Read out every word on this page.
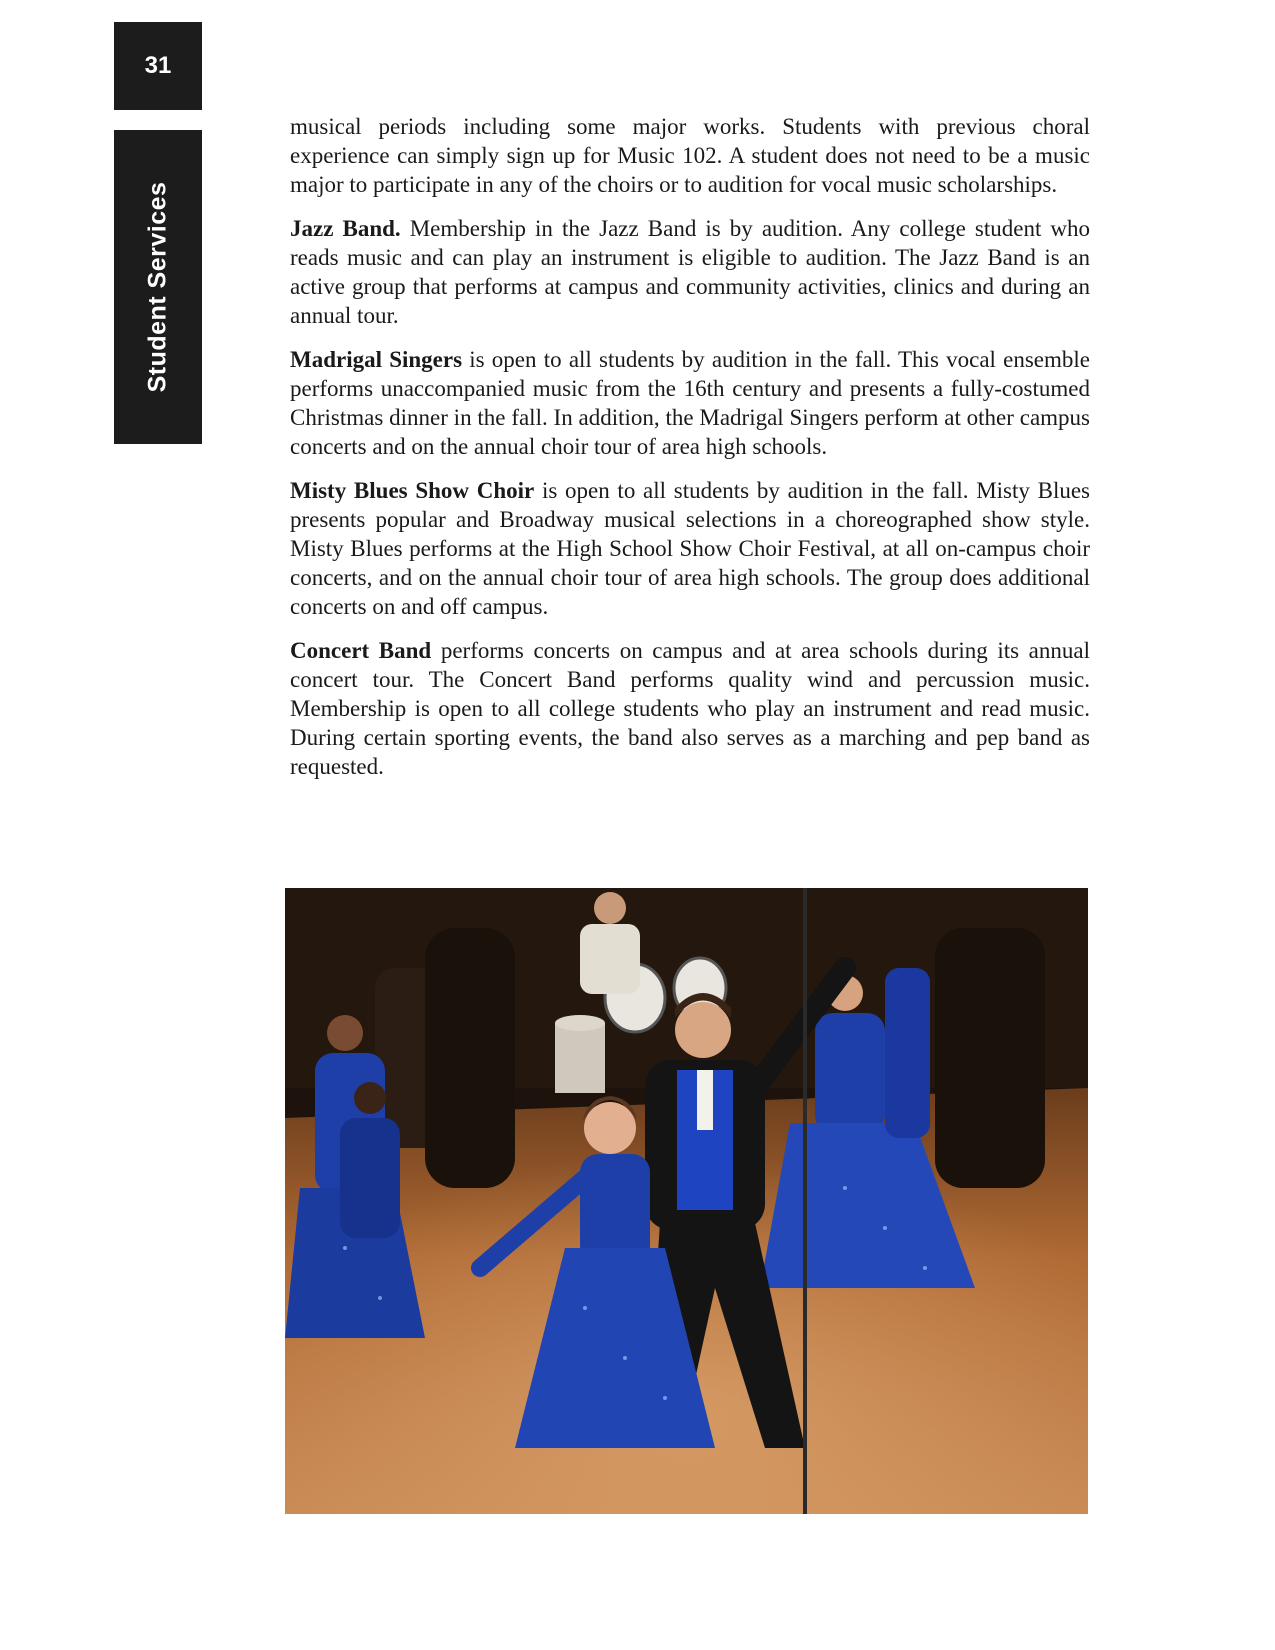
31
Student Services

musical periods including some major works. Students with previous choral experience can simply sign up for Music 102. A student does not need to be a music major to participate in any of the choirs or to audition for vocal music scholarships.

Jazz Band. Membership in the Jazz Band is by audition. Any college student who reads music and can play an instrument is eligible to audition. The Jazz Band is an active group that performs at campus and community activities, clinics and during an annual tour.

Madrigal Singers is open to all students by audition in the fall. This vocal ensemble performs unaccompanied music from the 16th century and presents a fully-costumed Christmas dinner in the fall. In addition, the Madrigal Singers perform at other campus concerts and on the annual choir tour of area high schools.

Misty Blues Show Choir is open to all students by audition in the fall. Misty Blues presents popular and Broadway musical selections in a choreographed show style. Misty Blues performs at the High School Show Choir Festival, at all on-campus choir concerts, and on the annual choir tour of area high schools. The group does additional concerts on and off campus.

Concert Band performs concerts on campus and at area schools during its annual concert tour. The Concert Band performs quality wind and percussion music. Membership is open to all college students who play an instrument and read music. During certain sporting events, the band also serves as a marching and pep band as requested.
